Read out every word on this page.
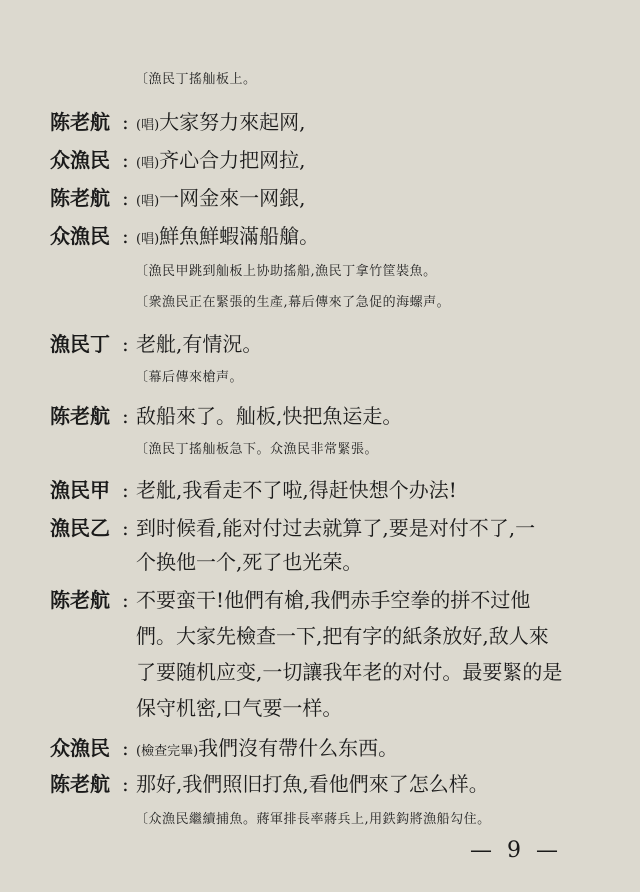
〔漁民丁搖舢板上。
陈老航 : (唱)大家努力來起网,
众漁民 : (唱)齐心合力把网拉,
陈老航 : (唱)一网金來一网銀,
众漁民 : (唱)鮮魚鮮蝦滿船艙。
〔漁民甲跳到舢板上协助搖船,漁民丁拿竹筐裝魚。
〔衆漁民正在緊張的生產,幕后傳來了急促的海螺声。
漁民丁 : 老舭,有情況。
〔幕后傳來槍声。
陈老航 : 敌船來了。舢板,快把魚运走。
〔漁民丁搖舢板急下。众漁民非常緊張。
漁民甲 : 老舭,我看走不了啦,得赶快想个办法!
漁民乙 : 到时候看,能对付过去就算了,要是对付不了,一
个换他一个,死了也光荣。
陈老航 : 不要蛮干!他們有槍,我們赤手空拳的拼不过他
們。大家先檢查一下,把有字的紙条放好,敌人來
了要随机应变,一切讓我年老的对付。最要緊的是
保守机密,口气要一样。
众漁民 : (檢查完畢)我們沒有帶什么东西。
陈老航 : 那好,我們照旧打魚,看他們來了怎么样。
〔众漁民繼續捕魚。蔣軍排長率蔣兵上,用鉄鈎將漁船勾住。
— 9 —
